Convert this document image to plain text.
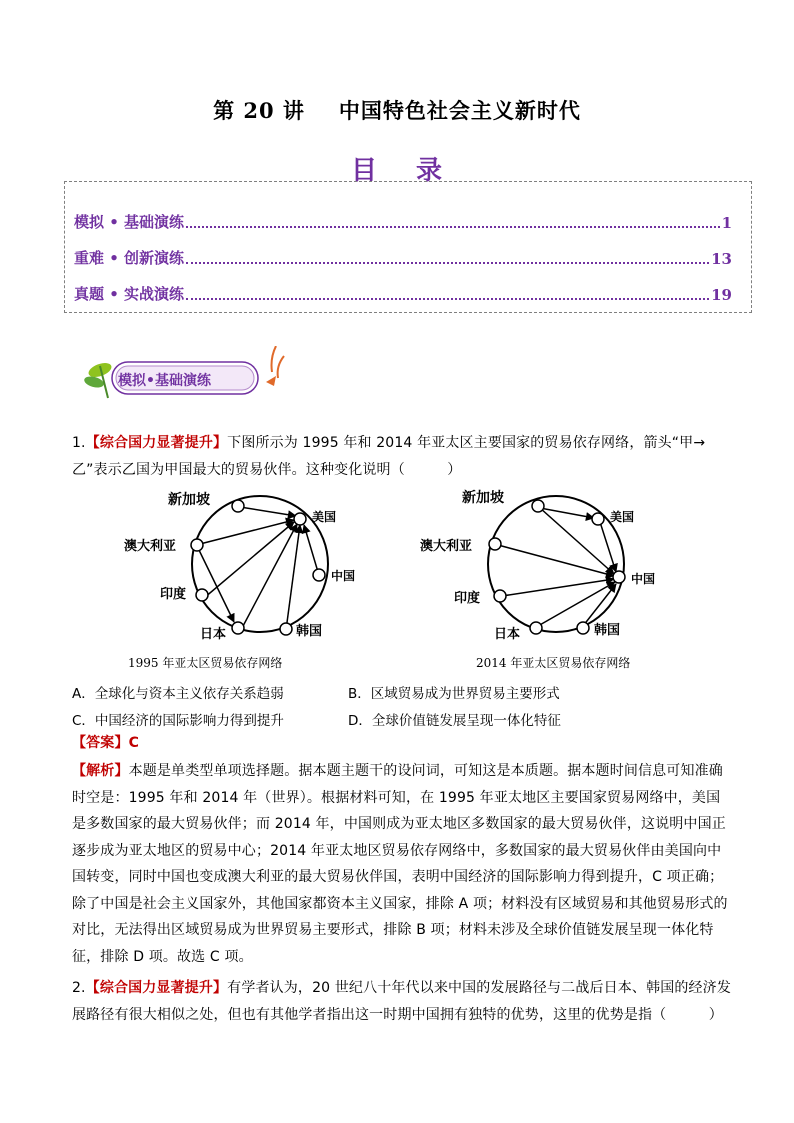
第 20 讲 中国特色社会主义新时代
目 录
模拟 • 基础演练	1
重难 • 创新演练	13
真题 • 实战演练	19
模拟•基础演练
1.【综合国力显著提升】下图所示为 1995 年和 2014 年亚太区主要国家的贸易依存网络，箭头“甲→乙”表示乙国为甲国最大的贸易伙伴。这种变化说明（　　　）
新加坡
美国
澳大利亚
中国
印度
日本	韩国
新加坡
美国
澳大利亚
中国
印度
日本	韩国
1995 年亚太区贸易依存网络	2014 年亚太区贸易依存网络
A．全球化与资本主义依存关系趋弱	B．区域贸易成为世界贸易主要形式
C．中国经济的国际影响力得到提升	D．全球价值链发展呈现一体化特征
【答案】C
【解析】本题是单类型单项选择题。据本题主题干的设问词，可知这是本质题。据本题时间信息可知准确时空是：1995 年和 2014 年（世界）。根据材料可知，在 1995 年亚太地区主要国家贸易网络中，美国是多数国家的最大贸易伙伴；而 2014 年，中国则成为亚太地区多数国家的最大贸易伙伴，这说明中国正逐步成为亚太地区的贸易中心；2014 年亚太地区贸易依存网络中，多数国家的最大贸易伙伴由美国向中国转变，同时中国也变成澳大利亚的最大贸易伙伴国，表明中国经济的国际影响力得到提升，C 项正确；除了中国是社会主义国家外，其他国家都资本主义国家，排除 A 项；材料没有区域贸易和其他贸易形式的对比，无法得出区域贸易成为世界贸易主要形式，排除 B 项；材料未涉及全球价值链发展呈现一体化特征，排除 D 项。故选 C 项。
2.【综合国力显著提升】有学者认为，20 世纪八十年代以来中国的发展路径与二战后日本、韩国的经济发展路径有很大相似之处，但也有其他学者指出这一时期中国拥有独特的优势，这里的优势是指（　　　）
